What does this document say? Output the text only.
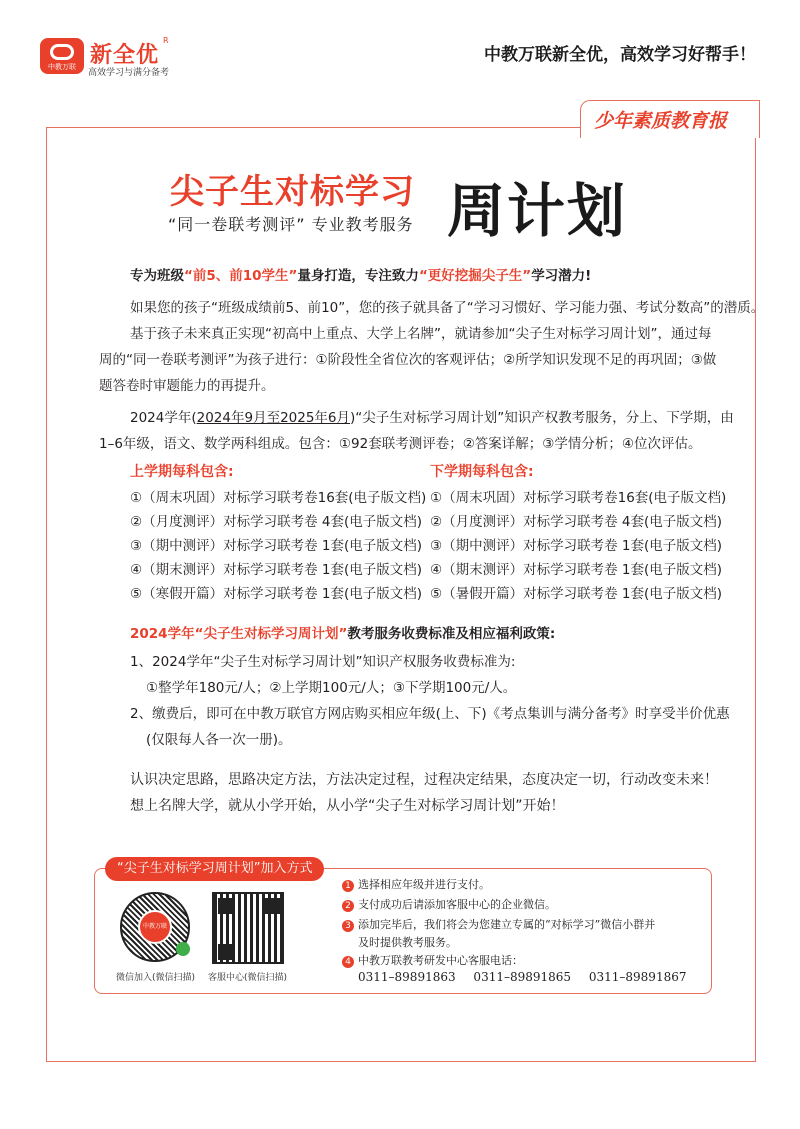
中教万联 新全优
R
高效学习与满分备考
中教万联新全优，高效学习好帮手！
少年素质教育报
尖子生对标学习 周计划
“同一卷联考测评” 专业教考服务
专为班级“前5、前10学生”量身打造，专注致力“更好挖掘尖子生”学习潜力!
如果您的孩子“班级成绩前5、前10”，您的孩子就具备了“学习习惯好、学习能力强、考试分数高”的潜质。
基于孩子未来真正实现“初高中上重点、大学上名牌”，就请参加“尖子生对标学习周计划”，通过每
周的“同一卷联考测评”为孩子进行：①阶段性全省位次的客观评估；②所学知识发现不足的再巩固；③做
题答卷时审题能力的再提升。
2024学年(2024年9月至2025年6月)“尖子生对标学习周计划”知识产权教考服务，分上、下学期，由
1–6年级，语文、数学两科组成。包含：①92套联考测评卷；②答案详解；③学情分析；④位次评估。
上学期每科包含:
①（周末巩固）对标学习联考卷16套(电子版文档)
②（月度测评）对标学习联考卷 4套(电子版文档)
③（期中测评）对标学习联考卷 1套(电子版文档)
④（期末测评）对标学习联考卷 1套(电子版文档)
⑤（寒假开篇）对标学习联考卷 1套(电子版文档)
下学期每科包含:
①（周末巩固）对标学习联考卷16套(电子版文档)
②（月度测评）对标学习联考卷 4套(电子版文档)
③（期中测评）对标学习联考卷 1套(电子版文档)
④（期末测评）对标学习联考卷 1套(电子版文档)
⑤（暑假开篇）对标学习联考卷 1套(电子版文档)
2024学年“尖子生对标学习周计划”教考服务收费标准及相应福利政策:
1、2024学年“尖子生对标学习周计划”知识产权服务收费标准为:
①整学年180元/人；②上学期100元/人；③下学期100元/人。
2、缴费后，即可在中教万联官方网店购买相应年级(上、下)《考点集训与满分备考》时享受半价优惠
(仅限每人各一次一册)。
认识决定思路，思路决定方法，方法决定过程，过程决定结果，态度决定一切，行动改变未来！
想上名牌大学，就从小学开始，从小学“尖子生对标学习周计划”开始！
“尖子生对标学习周计划”加入方式
中教万联
微信加入(微信扫描) 客服中心(微信扫描)
1 选择相应年级并进行支付。
2 支付成功后请添加客服中心的企业微信。
3 添加完毕后，我们将会为您建立专属的“对标学习”微信小群并
及时提供教考服务。
4 中教万联教考研发中心客服电话：
0311–89891863 0311–89891865 0311–89891867
